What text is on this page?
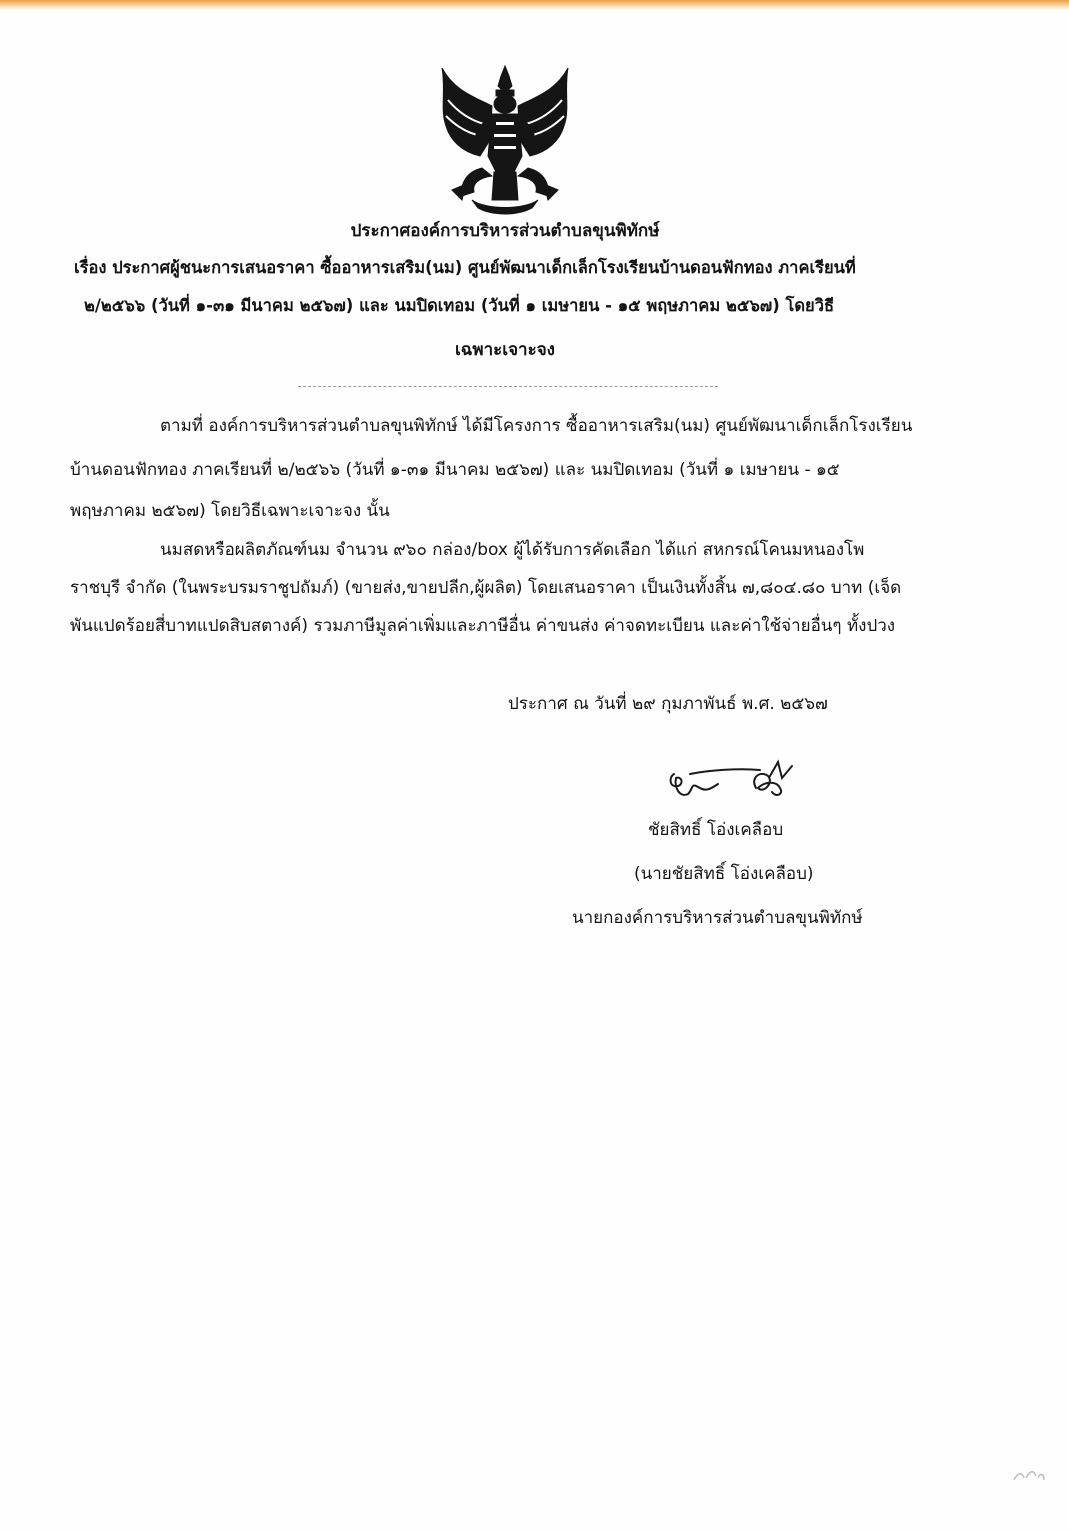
ประกาศองค์การบริหารส่วนตำบลขุนพิทักษ์
เรื่อง ประกาศผู้ชนะการเสนอราคา ซื้ออาหารเสริม(นม) ศูนย์พัฒนาเด็กเล็กโรงเรียนบ้านดอนฟักทอง ภาคเรียนที่
๒/๒๕๖๖ (วันที่ ๑-๓๑ มีนาคม ๒๕๖๗) และ นมปิดเทอม (วันที่ ๑ เมษายน - ๑๕ พฤษภาคม ๒๕๖๗) โดยวิธี
เฉพาะเจาะจง
ตามที่ องค์การบริหารส่วนตำบลขุนพิทักษ์ ได้มีโครงการ ซื้ออาหารเสริม(นม) ศูนย์พัฒนาเด็กเล็กโรงเรียน
บ้านดอนฟักทอง ภาคเรียนที่ ๒/๒๕๖๖ (วันที่ ๑-๓๑ มีนาคม ๒๕๖๗) และ นมปิดเทอม (วันที่ ๑ เมษายน - ๑๕
พฤษภาคม ๒๕๖๗) โดยวิธีเฉพาะเจาะจง นั้น
นมสดหรือผลิตภัณฑ์นม จำนวน ๙๖๐ กล่อง/box ผู้ได้รับการคัดเลือก ได้แก่ สหกรณ์โคนมหนองโพ
ราชบุรี จำกัด (ในพระบรมราชูปถัมภ์) (ขายส่ง,ขายปลีก,ผู้ผลิต) โดยเสนอราคา เป็นเงินทั้งสิ้น ๗,๘๐๔.๘๐ บาท (เจ็ด
พันแปดร้อยสี่บาทแปดสิบสตางค์) รวมภาษีมูลค่าเพิ่มและภาษีอื่น ค่าขนส่ง ค่าจดทะเบียน และค่าใช้จ่ายอื่นๆ ทั้งปวง
ประกาศ ณ วันที่ ๒๙ กุมภาพันธ์ พ.ศ. ๒๕๖๗
ชัยสิทธิ์ โอ่งเคลือบ
(นายชัยสิทธิ์ โอ่งเคลือบ)
นายกองค์การบริหารส่วนตำบลขุนพิทักษ์
